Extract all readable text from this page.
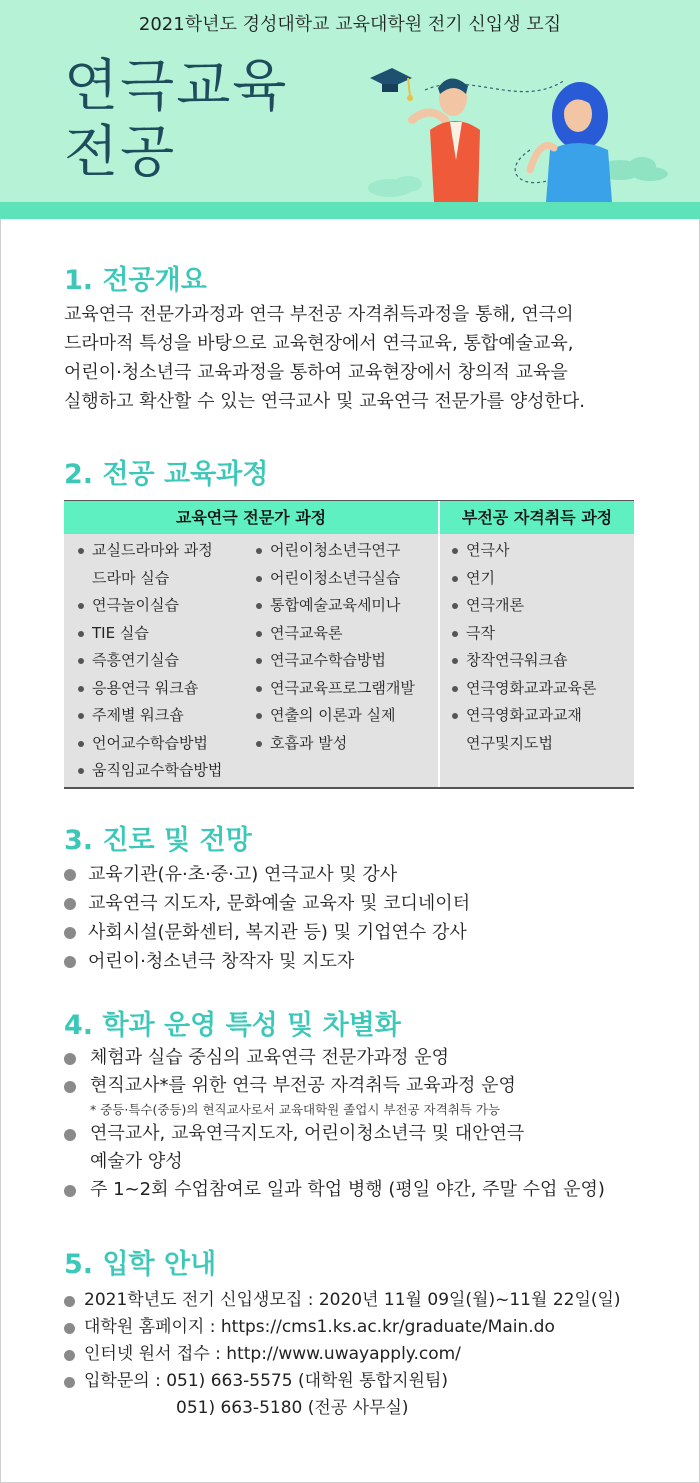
2021학년도 경성대학교 교육대학원 전기 신입생 모집
연극교육
전공
1. 전공개요
교육연극 전문가과정과 연극 부전공 자격취득과정을 통해, 연극의
드라마적 특성을 바탕으로 교육현장에서 연극교육, 통합예술교육,
어린이·청소년극 교육과정을 통하여 교육현장에서 창의적 교육을
실행하고 확산할 수 있는 연극교사 및 교육연극 전문가를 양성한다.
2. 전공 교육과정
교육연극 전문가 과정	부전공 자격취득 과정
교실드라마와 과정
드라마 실습
연극놀이실습
TIE 실습
즉흥연기실습
응용연극 워크숍
주제별 워크숍
언어교수학습방법
움직임교수학습방법
어린이청소년극연구
어린이청소년극실습
통합예술교육세미나
연극교육론
연극교수학습방법
연극교육프로그램개발
연출의 이론과 실제
호흡과 발성
연극사
연기
연극개론
극작
창작연극워크숍
연극영화교과교육론
연극영화교과교재
연구및지도법
3. 진로 및 전망
교육기관(유·초·중·고) 연극교사 및 강사
교육연극 지도자, 문화예술 교육자 및 코디네이터
사회시설(문화센터, 복지관 등) 및 기업연수 강사
어린이·청소년극 창작자 및 지도자
4. 학과 운영 특성 및 차별화
체험과 실습 중심의 교육연극 전문가과정 운영
현직교사*를 위한 연극 부전공 자격취득 교육과정 운영
* 중등·특수(중등)의 현직교사로서 교육대학원 졸업시 부전공 자격취득 가능
연극교사, 교육연극지도자, 어린이청소년극 및 대안연극
예술가 양성
주 1~2회 수업참여로 일과 학업 병행 (평일 야간, 주말 수업 운영)
5. 입학 안내
2021학년도 전기 신입생모집 : 2020년 11월 09일(월)~11월 22일(일)
대학원 홈페이지 : https://cms1.ks.ac.kr/graduate/Main.do
인터넷 원서 접수 : http://www.uwayapply.com/
입학문의 : 051) 663-5575 (대학원 통합지원팀)
051) 663-5180 (전공 사무실)
